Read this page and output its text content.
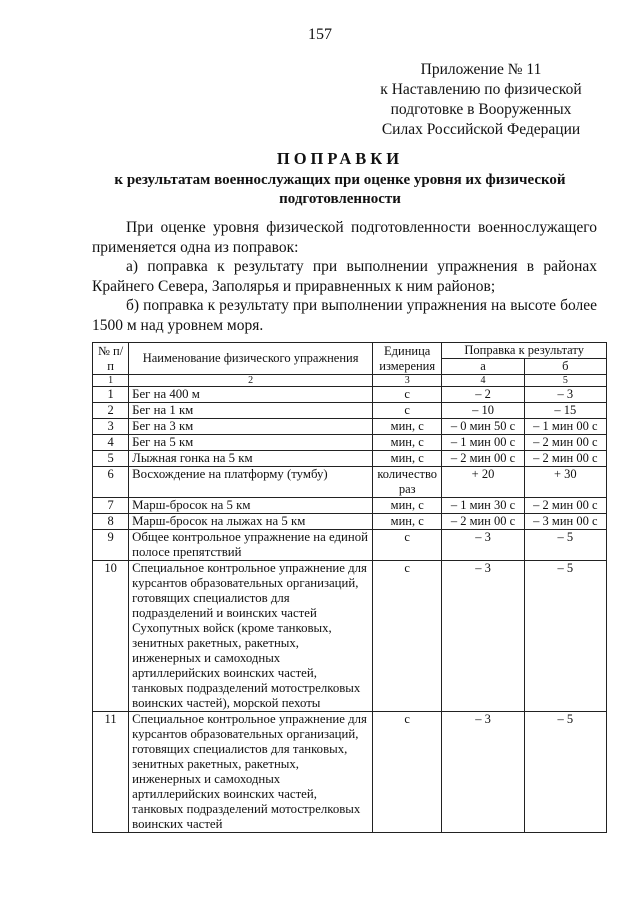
157
Приложение № 11
к Наставлению по физической
подготовке в Вооруженных
Силах Российской Федерации
ПОПРАВКИ
к результатам военнослужащих при оценке уровня их физической подготовленности

При оценке уровня физической подготовленности военнослужащего применяется одна из поправок:

а) поправка к результату при выполнении упражнения в районах Крайнего Севера, Заполярья и приравненных к ним районов;

б) поправка к результату при выполнении упражнения на высоте более 1500 м над уровнем моря.

№ п/п	Наименование физического упражнения	Единица измерения	Поправка к результату	
			а	б
1	2	3	4	5
1	Бег на 400 м	с	– 2	– 3
2	Бег на 1 км	с	– 10	– 15
3	Бег на 3 км	мин, с	– 0 мин 50 с	– 1 мин 00 с
4	Бег на 5 км	мин, с	– 1 мин 00 с	– 2 мин 00 с
5	Лыжная гонка на 5 км	мин, с	– 2 мин 00 с	– 2 мин 00 с
6	Восхождение на платформу (тумбу)	количество раз	+ 20	+ 30
7	Марш-бросок на 5 км	мин, с	– 1 мин 30 с	– 2 мин 00 с
8	Марш-бросок на лыжах на 5 км	мин, с	– 2 мин 00 с	– 3 мин 00 с
9	Общее контрольное упражнение на единой полосе препятствий	с	– 3	– 5
10	Специальное контрольное упражнение для курсантов образовательных организаций, готовящих специалистов для подразделений и воинских частей Сухопутных войск (кроме танковых, зенитных ракетных, ракетных, инженерных и самоходных артиллерийских воинских частей, танковых подразделений мотострелковых воинских частей), морской пехоты	с	– 3	– 5
11	Специальное контрольное упражнение для курсантов образовательных организаций, готовящих специалистов для танковых, зенитных ракетных, ракетных, инженерных и самоходных артиллерийских воинских частей, танковых подразделений мотострелковых воинских частей	с	– 3	– 5
